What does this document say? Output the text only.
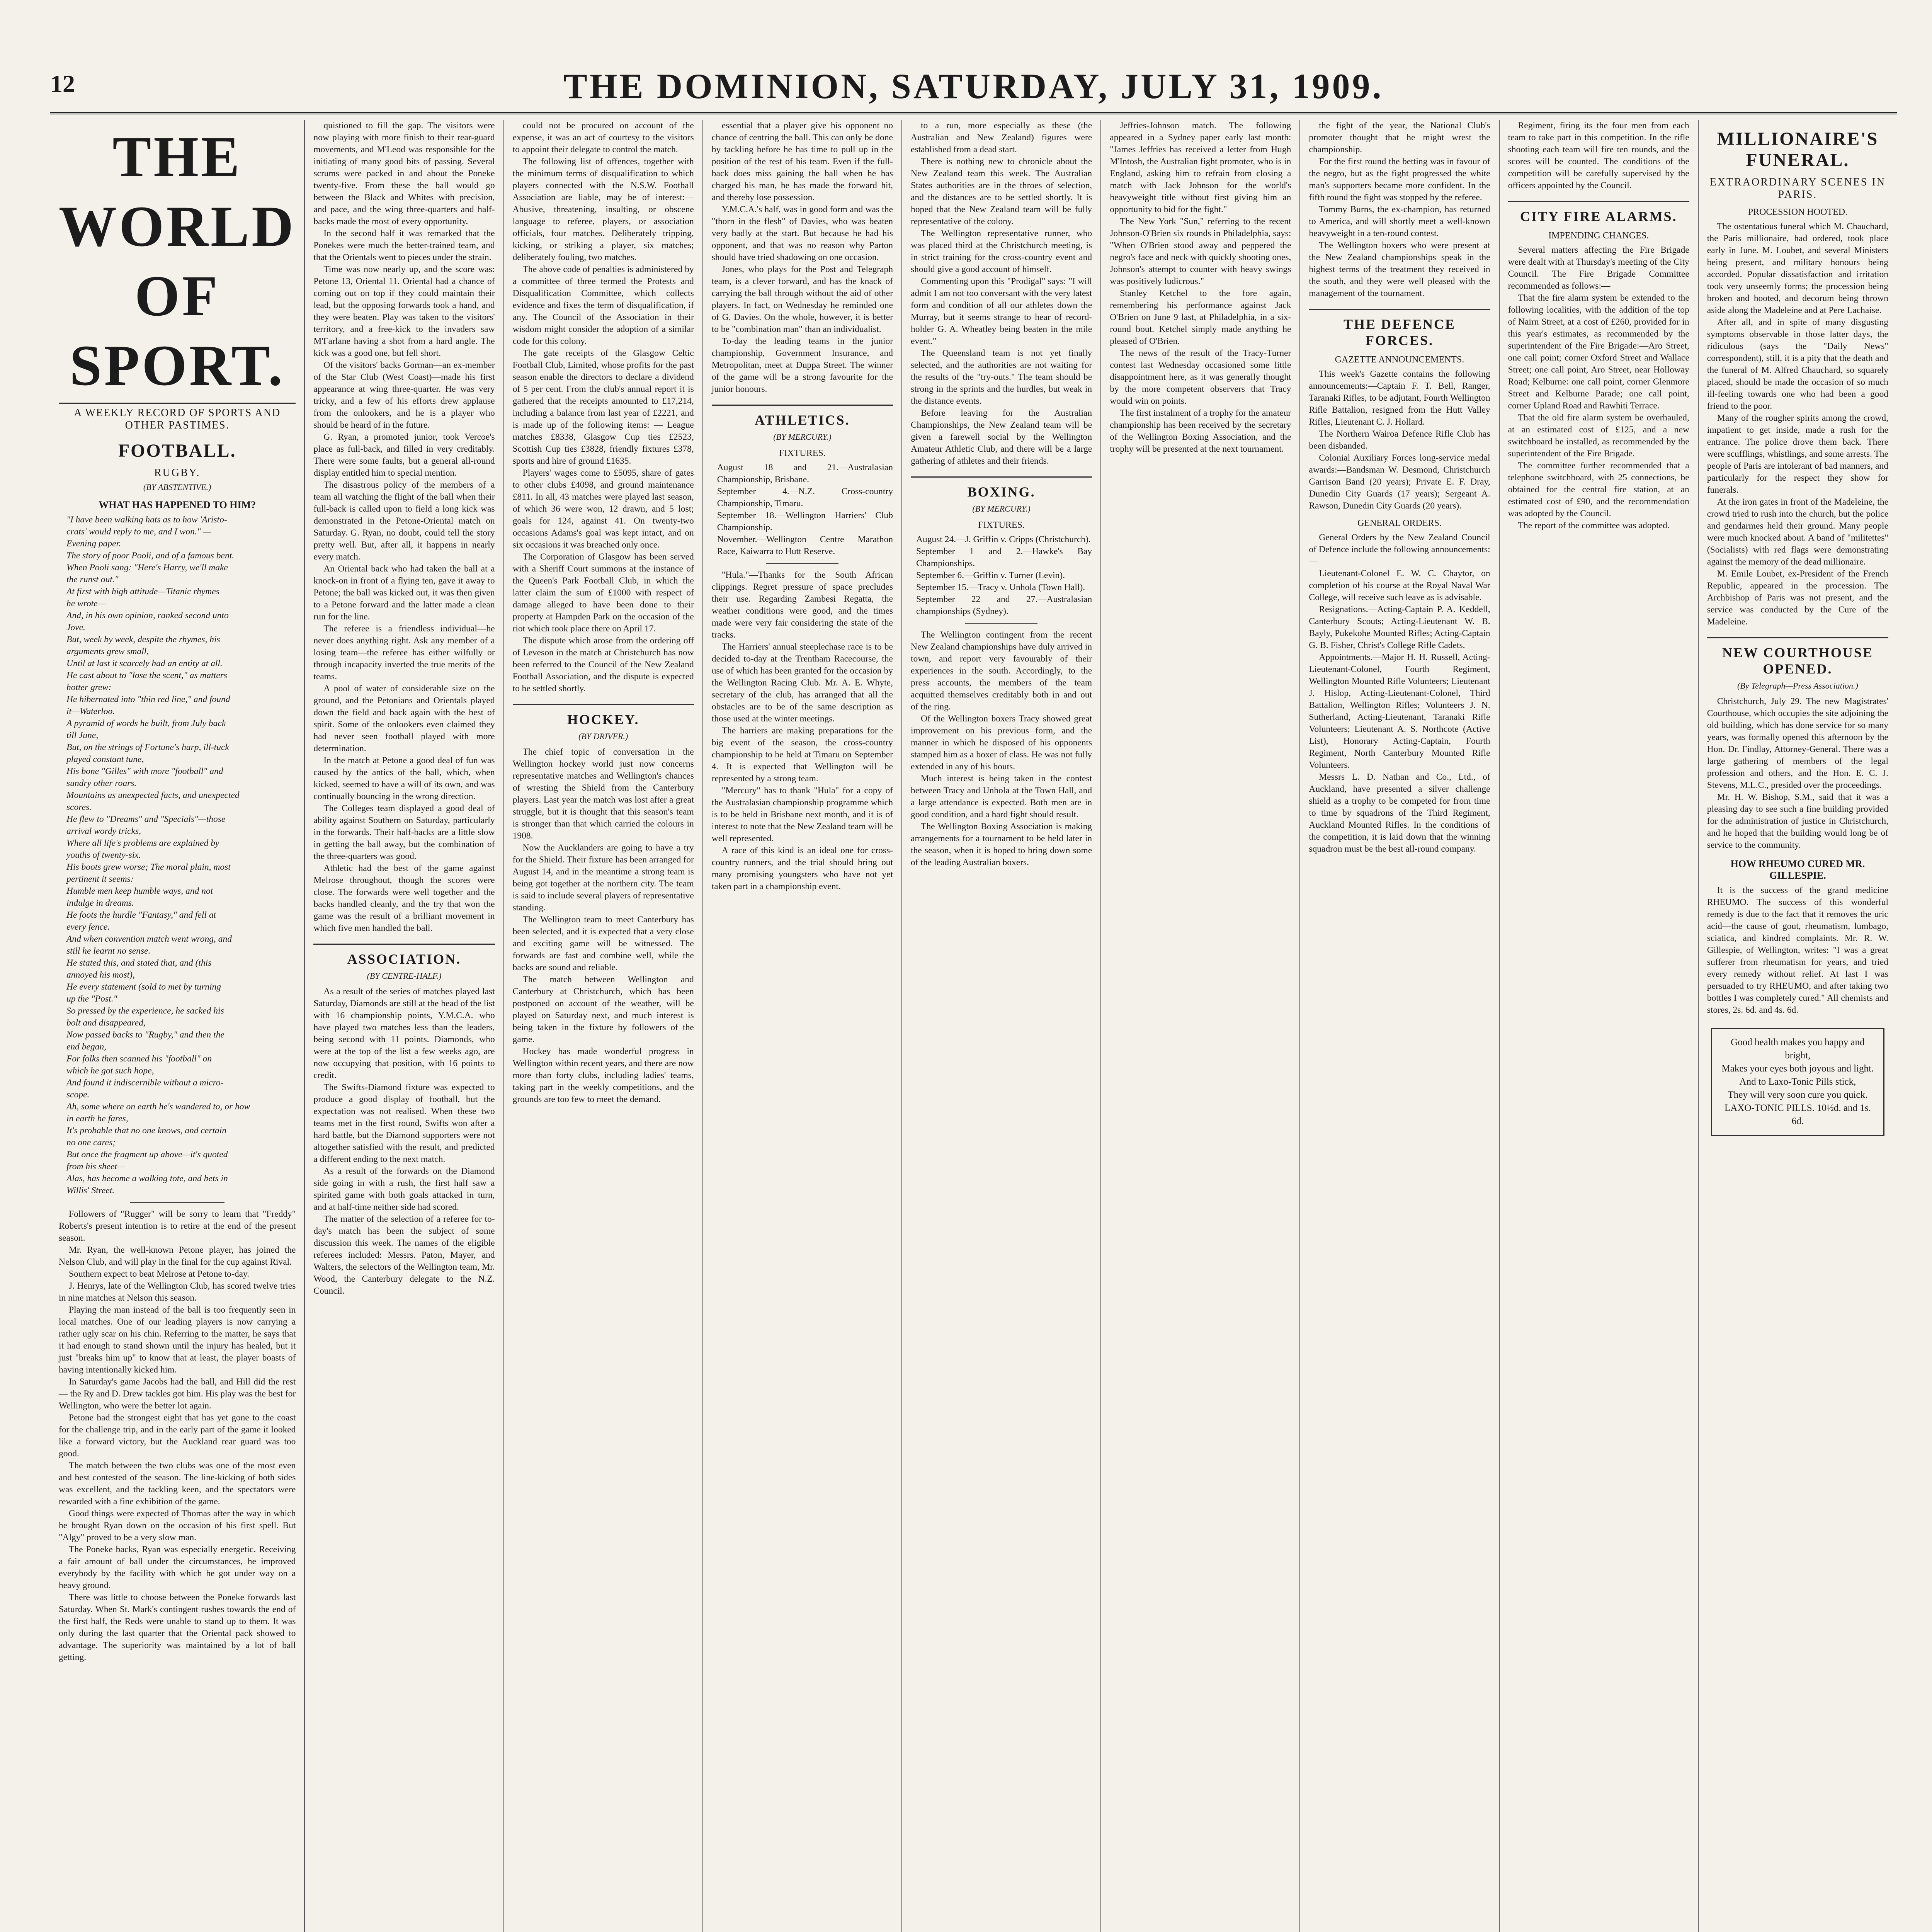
12	THE DOMINION, SATURDAY, JULY 31, 1909.
THE WORLD OF SPORT.
A WEEKLY RECORD OF SPORTS AND OTHER PASTIMES.
FOOTBALL.
RUGBY.
(BY ABSTENTIVE.)
WHAT HAS HAPPENED TO HIM?

"I have been walking hats as to how 'Aristo-

crats' would reply to me, and I won." —

Evening paper.

The story of poor Pooli, and of a famous bent.

When Pooli sang: "Here's Harry, we'll make

the runst out."

At first with high attitude—Titanic rhymes

he wrote—

And, in his own opinion, ranked second unto

Jove.

But, week by week, despite the rhymes, his

arguments grew small,

Until at last it scarcely had an entity at all.

He cast about to "lose the scent," as matters

hotter grew:

He hibernated into "thin red line," and found

it—Waterloo.

A pyramid of words he built, from July back

till June,

But, on the strings of Fortune's harp, ill-tuck

played constant tune,

His bone "Gilles" with more "football" and

sundry other roars.

Mountains as unexpected facts, and unexpected

scores.

He flew to "Dreams" and "Specials"—those

arrival wordy tricks,

Where all life's problems are explained by

youths of twenty-six.

His boots grew worse; The moral plain, most

pertinent it seems:

Humble men keep humble ways, and not

indulge in dreams.

He foots the hurdle "Fantasy," and fell at

every fence.

And when convention match went wrong, and

still he learnt no sense.

He stated this, and stated that, and (this

annoyed his most),

He every statement (sold to met by turning

up the "Post."

So pressed by the experience, he sacked his

bolt and disappeared,

Now passed backs to "Rugby," and then the

end began,

For folks then scanned his "football" on

which he got such hope,

And found it indiscernible without a micro-

scope.

Ah, some where on earth he's wandered to, or how

in earth he fares,

It's probable that no one knows, and certain

no one cares;

But once the fragment up above—it's quoted

from his sheet—

Alas, has become a walking tote, and bets in

Willis' Street.

Followers of "Rugger" will be sorry to learn that "Freddy" Roberts's present intention is to retire at the end of the present season.

Mr. Ryan, the well-known Petone player, has joined the Nelson Club, and will play in the final for the cup against Rival.

Southern expect to beat Melrose at Petone to-day.

J. Henrys, late of the Wellington Club, has scored twelve tries in nine matches at Nelson this season.

Playing the man instead of the ball is too frequently seen in local matches. One of our leading players is now carrying a rather ugly scar on his chin. Referring to the matter, he says that it had enough to stand shown until the injury has healed, but it just "breaks him up" to know that at least, the player boasts of having intentionally kicked him.

In Saturday's game Jacobs had the ball, and Hill did the rest — the Ry and D. Drew tackles got him. His play was the best for Wellington, who were the better lot again.

Petone had the strongest eight that has yet gone to the coast for the challenge trip, and in the early part of the game it looked like a forward victory, but the Auckland rear guard was too good.

The match between the two clubs was one of the most even and best contested of the season. The line-kicking of both sides was excellent, and the tackling keen, and the spectators were rewarded with a fine exhibition of the game.

Good things were expected of Thomas after the way in which he brought Ryan down on the occasion of his first spell. But "Algy" proved to be a very slow man.

The Poneke backs, Ryan was especially energetic. Receiving a fair amount of ball under the circumstances, he improved everybody by the facility with which he got under way on a heavy ground.

There was little to choose between the Poneke forwards last Saturday. When St. Mark's contingent rushes towards the end of the first half, the Reds were unable to stand up to them. It was only during the last quarter that the Oriental pack showed to advantage. The superiority was maintained by a lot of ball getting.

quistioned to fill the gap. The visitors were now playing with more finish to their rear-guard movements, and M'Leod was responsible for the initiating of many good bits of passing. Several scrums were packed in and about the Poneke twenty-five. From these the ball would go between the Black and Whites with precision, and pace, and the wing three-quarters and half-backs made the most of every opportunity.

In the second half it was remarked that the Ponekes were much the better-trained team, and that the Orientals went to pieces under the strain.

Time was now nearly up, and the score was: Petone 13, Oriental 11. Oriental had a chance of coming out on top if they could maintain their lead, but the opposing forwards took a hand, and they were beaten. Play was taken to the visitors' territory, and a free-kick to the invaders saw M'Farlane having a shot from a hard angle. The kick was a good one, but fell short.

Of the visitors' backs Gorman—an ex-member of the Star Club (West Coast)—made his first appearance at wing three-quarter. He was very tricky, and a few of his efforts drew applause from the onlookers, and he is a player who should be heard of in the future.

G. Ryan, a promoted junior, took Vercoe's place as full-back, and filled in very creditably. There were some faults, but a general all-round display entitled him to special mention.

The disastrous policy of the members of a team all watching the flight of the ball when their full-back is called upon to field a long kick was demonstrated in the Petone-Oriental match on Saturday. G. Ryan, no doubt, could tell the story pretty well. But, after all, it happens in nearly every match.

An Oriental back who had taken the ball at a knock-on in front of a flying ten, gave it away to Petone; the ball was kicked out, it was then given to a Petone forward and the latter made a clean run for the line.

The referee is a friendless individual—he never does anything right. Ask any member of a losing team—the referee has either wilfully or through incapacity inverted the true merits of the teams.

A pool of water of considerable size on the ground, and the Petonians and Orientals played down the field and back again with the best of spirit. Some of the onlookers even claimed they had never seen football played with more determination.

In the match at Petone a good deal of fun was caused by the antics of the ball, which, when kicked, seemed to have a will of its own, and was continually bouncing in the wrong direction.

The Colleges team displayed a good deal of ability against Southern on Saturday, particularly in the forwards. Their half-backs are a little slow in getting the ball away, but the combination of the three-quarters was good.

Athletic had the best of the game against Melrose throughout, though the scores were close. The forwards were well together and the backs handled cleanly, and the try that won the game was the result of a brilliant movement in which five men handled the ball.

ASSOCIATION.
(BY CENTRE-HALF.)

As a result of the series of matches played last Saturday, Diamonds are still at the head of the list with 16 championship points, Y.M.C.A. who have played two matches less than the leaders, being second with 11 points. Diamonds, who were at the top of the list a few weeks ago, are now occupying that position, with 16 points to credit.

The Swifts-Diamond fixture was expected to produce a good display of football, but the expectation was not realised. When these two teams met in the first round, Swifts won after a hard battle, but the Diamond supporters were not altogether satisfied with the result, and predicted a different ending to the next match.

As a result of the forwards on the Diamond side going in with a rush, the first half saw a spirited game with both goals attacked in turn, and at half-time neither side had scored.

The matter of the selection of a referee for to-day's match has been the subject of some discussion this week. The names of the eligible referees included: Messrs. Paton, Mayer, and Walters, the selectors of the Wellington team, Mr. Wood, the Canterbury delegate to the N.Z. Council.

could not be procured on account of the expense, it was an act of courtesy to the visitors to appoint their delegate to control the match.

The following list of offences, together with the minimum terms of disqualification to which players connected with the N.S.W. Football Association are liable, may be of interest:—Abusive, threatening, insulting, or obscene language to referee, players, or association officials, four matches. Deliberately tripping, kicking, or striking a player, six matches; deliberately fouling, two matches.

The above code of penalties is administered by a committee of three termed the Protests and Disqualification Committee, which collects evidence and fixes the term of disqualification, if any. The Council of the Association in their wisdom might consider the adoption of a similar code for this colony.

The gate receipts of the Glasgow Celtic Football Club, Limited, whose profits for the past season enable the directors to declare a dividend of 5 per cent. From the club's annual report it is gathered that the receipts amounted to £17,214, including a balance from last year of £2221, and is made up of the following items: — League matches £8338, Glasgow Cup ties £2523, Scottish Cup ties £3828, friendly fixtures £378, sports and hire of ground £1635.

Players' wages come to £5095, share of gates to other clubs £4098, and ground maintenance £811. In all, 43 matches were played last season, of which 36 were won, 12 drawn, and 5 lost; goals for 124, against 41. On twenty-two occasions Adams's goal was kept intact, and on six occasions it was breached only once.

The Corporation of Glasgow has been served with a Sheriff Court summons at the instance of the Queen's Park Football Club, in which the latter claim the sum of £1000 with respect of damage alleged to have been done to their property at Hampden Park on the occasion of the riot which took place there on April 17.

The dispute which arose from the ordering off of Leveson in the match at Christchurch has now been referred to the Council of the New Zealand Football Association, and the dispute is expected to be settled shortly.

HOCKEY.
(BY DRIVER.)

The chief topic of conversation in the Wellington hockey world just now concerns representative matches and Wellington's chances of wresting the Shield from the Canterbury players. Last year the match was lost after a great struggle, but it is thought that this season's team is stronger than that which carried the colours in 1908.

Now the Aucklanders are going to have a try for the Shield. Their fixture has been arranged for August 14, and in the meantime a strong team is being got together at the northern city. The team is said to include several players of representative standing.

The Wellington team to meet Canterbury has been selected, and it is expected that a very close and exciting game will be witnessed. The forwards are fast and combine well, while the backs are sound and reliable.

The match between Wellington and Canterbury at Christchurch, which has been postponed on account of the weather, will be played on Saturday next, and much interest is being taken in the fixture by followers of the game.

Hockey has made wonderful progress in Wellington within recent years, and there are now more than forty clubs, including ladies' teams, taking part in the weekly competitions, and the grounds are too few to meet the demand.

essential that a player give his opponent no chance of centring the ball. This can only be done by tackling before he has time to pull up in the position of the rest of his team. Even if the full-back does miss gaining the ball when he has charged his man, he has made the forward hit, and thereby lose possession.

Y.M.C.A.'s half, was in good form and was the "thorn in the flesh" of Davies, who was beaten very badly at the start. But because he had his opponent, and that was no reason why Parton should have tried shadowing on one occasion.

Jones, who plays for the Post and Telegraph team, is a clever forward, and has the knack of carrying the ball through without the aid of other players. In fact, on Wednesday he reminded one of G. Davies. On the whole, however, it is better to be "combination man" than an individualist.

To-day the leading teams in the junior championship, Government Insurance, and Metropolitan, meet at Duppa Street. The winner of the game will be a strong favourite for the junior honours.

ATHLETICS.
(BY MERCURY.)
FIXTURES.

August 18 and 21.—Australasian Championship, Brisbane.

September 4.—N.Z. Cross-country Championship, Timaru.

September 18.—Wellington Harriers' Club Championship.

November.—Wellington Centre Marathon Race, Kaiwarra to Hutt Reserve.

"Hula."—Thanks for the South African clippings. Regret pressure of space precludes their use. Regarding Zambesi Regatta, the weather conditions were good, and the times made were very fair considering the state of the tracks.

The Harriers' annual steeplechase race is to be decided to-day at the Trentham Racecourse, the use of which has been granted for the occasion by the Wellington Racing Club. Mr. A. E. Whyte, secretary of the club, has arranged that all the obstacles are to be of the same description as those used at the winter meetings.

The harriers are making preparations for the big event of the season, the cross-country championship to be held at Timaru on September 4. It is expected that Wellington will be represented by a strong team.

"Mercury" has to thank "Hula" for a copy of the Australasian championship programme which is to be held in Brisbane next month, and it is of interest to note that the New Zealand team will be well represented.

A race of this kind is an ideal one for cross-country runners, and the trial should bring out many promising youngsters who have not yet taken part in a championship event.

to a run, more especially as these (the Australian and New Zealand) figures were established from a dead start.

There is nothing new to chronicle about the New Zealand team this week. The Australian States authorities are in the throes of selection, and the distances are to be settled shortly. It is hoped that the New Zealand team will be fully representative of the colony.

The Wellington representative runner, who was placed third at the Christchurch meeting, is in strict training for the cross-country event and should give a good account of himself.

Commenting upon this "Prodigal" says: "I will admit I am not too conversant with the very latest form and condition of all our athletes down the Murray, but it seems strange to hear of record-holder G. A. Wheatley being beaten in the mile event."

The Queensland team is not yet finally selected, and the authorities are not waiting for the results of the "try-outs." The team should be strong in the sprints and the hurdles, but weak in the distance events.

Before leaving for the Australian Championships, the New Zealand team will be given a farewell social by the Wellington Amateur Athletic Club, and there will be a large gathering of athletes and their friends.

BOXING.
(BY MERCURY.)
FIXTURES.

August 24.—J. Griffin v. Cripps (Christchurch).

September 1 and 2.—Hawke's Bay Championships.

September 6.—Griffin v. Turner (Levin).

September 15.—Tracy v. Unhola (Town Hall).

September 22 and 27.—Australasian championships (Sydney).

The Wellington contingent from the recent New Zealand championships have duly arrived in town, and report very favourably of their experiences in the south. Accordingly, to the press accounts, the members of the team acquitted themselves creditably both in and out of the ring.

Of the Wellington boxers Tracy showed great improvement on his previous form, and the manner in which he disposed of his opponents stamped him as a boxer of class. He was not fully extended in any of his bouts.

Much interest is being taken in the contest between Tracy and Unhola at the Town Hall, and a large attendance is expected. Both men are in good condition, and a hard fight should result.

The Wellington Boxing Association is making arrangements for a tournament to be held later in the season, when it is hoped to bring down some of the leading Australian boxers.

Jeffries-Johnson match. The following appeared in a Sydney paper early last month: "James Jeffries has received a letter from Hugh M'Intosh, the Australian fight promoter, who is in England, asking him to refrain from closing a match with Jack Johnson for the world's heavyweight title without first giving him an opportunity to bid for the fight."

The New York "Sun," referring to the recent Johnson-O'Brien six rounds in Philadelphia, says: "When O'Brien stood away and peppered the negro's face and neck with quickly shooting ones, Johnson's attempt to counter with heavy swings was positively ludicrous."

Stanley Ketchel to the fore again, remembering his performance against Jack O'Brien on June 9 last, at Philadelphia, in a six-round bout. Ketchel simply made anything he pleased of O'Brien.

The news of the result of the Tracy-Turner contest last Wednesday occasioned some little disappointment here, as it was generally thought by the more competent observers that Tracy would win on points.

The first instalment of a trophy for the amateur championship has been received by the secretary of the Wellington Boxing Association, and the trophy will be presented at the next tournament.

the fight of the year, the National Club's promoter thought that he might wrest the championship.

For the first round the betting was in favour of the negro, but as the fight progressed the white man's supporters became more confident. In the fifth round the fight was stopped by the referee.

Tommy Burns, the ex-champion, has returned to America, and will shortly meet a well-known heavyweight in a ten-round contest.

The Wellington boxers who were present at the New Zealand championships speak in the highest terms of the treatment they received in the south, and they were well pleased with the management of the tournament.

THE DEFENCE FORCES.
GAZETTE ANNOUNCEMENTS.

This week's Gazette contains the following announcements:—Captain F. T. Bell, Ranger, Taranaki Rifles, to be adjutant, Fourth Wellington Rifle Battalion, resigned from the Hutt Valley Rifles, Lieutenant C. J. Hollard.

The Northern Wairoa Defence Rifle Club has been disbanded.

Colonial Auxiliary Forces long-service medal awards:—Bandsman W. Desmond, Christchurch Garrison Band (20 years); Private E. F. Dray, Dunedin City Guards (17 years); Sergeant A. Rawson, Dunedin City Guards (20 years).

GENERAL ORDERS.

General Orders by the New Zealand Council of Defence include the following announcements:—

Lieutenant-Colonel E. W. C. Chaytor, on completion of his course at the Royal Naval War College, will receive such leave as is advisable.

Resignations.—Acting-Captain P. A. Keddell, Canterbury Scouts; Acting-Lieutenant W. B. Bayly, Pukekohe Mounted Rifles; Acting-Captain G. B. Fisher, Christ's College Rifle Cadets.

Appointments.—Major H. H. Russell, Acting-Lieutenant-Colonel, Fourth Regiment, Wellington Mounted Rifle Volunteers; Lieutenant J. Hislop, Acting-Lieutenant-Colonel, Third Battalion, Wellington Rifles; Volunteers J. N. Sutherland, Acting-Lieutenant, Taranaki Rifle Volunteers; Lieutenant A. S. Northcote (Active List), Honorary Acting-Captain, Fourth Regiment, North Canterbury Mounted Rifle Volunteers.

Messrs L. D. Nathan and Co., Ltd., of Auckland, have presented a silver challenge shield as a trophy to be competed for from time to time by squadrons of the Third Regiment, Auckland Mounted Rifles. In the conditions of the competition, it is laid down that the winning squadron must be the best all-round company.

Regiment, firing its the four men from each team to take part in this competition. In the rifle shooting each team will fire ten rounds, and the scores will be counted. The conditions of the competition will be carefully supervised by the officers appointed by the Council.

CITY FIRE ALARMS.
IMPENDING CHANGES.

Several matters affecting the Fire Brigade were dealt with at Thursday's meeting of the City Council. The Fire Brigade Committee recommended as follows:—

That the fire alarm system be extended to the following localities, with the addition of the top of Nairn Street, at a cost of £260, provided for in this year's estimates, as recommended by the superintendent of the Fire Brigade:—Aro Street, one call point; corner Oxford Street and Wallace Street; one call point, Aro Street, near Holloway Road; Kelburne: one call point, corner Glenmore Street and Kelburne Parade; one call point, corner Upland Road and Rawhiti Terrace.

That the old fire alarm system be overhauled, at an estimated cost of £125, and a new switchboard be installed, as recommended by the superintendent of the Fire Brigade.

The committee further recommended that a telephone switchboard, with 25 connections, be obtained for the central fire station, at an estimated cost of £90, and the recommendation was adopted by the Council.

The report of the committee was adopted.

MILLIONAIRE'S FUNERAL.
EXTRAORDINARY SCENES IN PARIS.
PROCESSION HOOTED.

The ostentatious funeral which M. Chauchard, the Paris millionaire, had ordered, took place early in June. M. Loubet, and several Ministers being present, and military honours being accorded. Popular dissatisfaction and irritation took very unseemly forms; the procession being broken and hooted, and decorum being thrown aside along the Madeleine and at Pere Lachaise.

After all, and in spite of many disgusting symptoms observable in those latter days, the ridiculous (says the "Daily News" correspondent), still, it is a pity that the death and the funeral of M. Alfred Chauchard, so squarely placed, should be made the occasion of so much ill-feeling towards one who had been a good friend to the poor.

Many of the rougher spirits among the crowd, impatient to get inside, made a rush for the entrance. The police drove them back. There were scufflings, whistlings, and some arrests. The people of Paris are intolerant of bad manners, and particularly for the respect they show for funerals.

At the iron gates in front of the Madeleine, the crowd tried to rush into the church, but the police and gendarmes held their ground. Many people were much knocked about. A band of "militettes" (Socialists) with red flags were demonstrating against the memory of the dead millionaire.

M. Emile Loubet, ex-President of the French Republic, appeared in the procession. The Archbishop of Paris was not present, and the service was conducted by the Cure of the Madeleine.

NEW COURTHOUSE OPENED.
(By Telegraph—Press Association.)

Christchurch, July 29. The new Magistrates' Courthouse, which occupies the site adjoining the old building, which has done service for so many years, was formally opened this afternoon by the Hon. Dr. Findlay, Attorney-General. There was a large gathering of members of the legal profession and others, and the Hon. E. C. J. Stevens, M.L.C., presided over the proceedings.

Mr. H. W. Bishop, S.M., said that it was a pleasing day to see such a fine building provided for the administration of justice in Christchurch, and he hoped that the building would long be of service to the community.

HOW RHEUMO CURED MR. GILLESPIE.

It is the success of the grand medicine RHEUMO. The success of this wonderful remedy is due to the fact that it removes the uric acid—the cause of gout, rheumatism, lumbago, sciatica, and kindred complaints. Mr. R. W. Gillespie, of Wellington, writes: "I was a great sufferer from rheumatism for years, and tried every remedy without relief. At last I was persuaded to try RHEUMO, and after taking two bottles I was completely cured." All chemists and stores, 2s. 6d. and 4s. 6d.

Good health makes you happy and bright,
Makes your eyes both joyous and light.
And to Laxo-Tonic Pills stick,
They will very soon cure you quick.
LAXO-TONIC PILLS. 10½d. and 1s. 6d.
